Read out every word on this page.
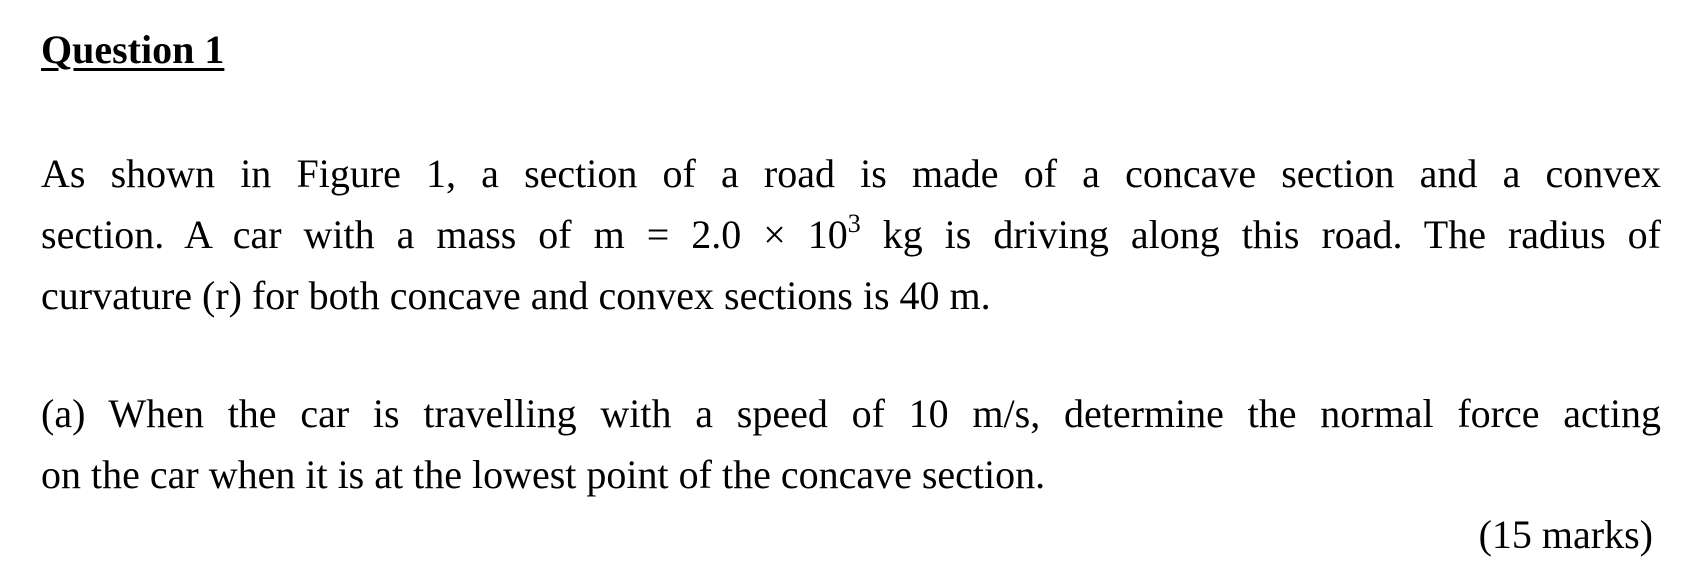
Question 1
As shown in Figure 1, a section of a road is made of a concave section and a convex
section. A car with a mass of $m = 2.0 \times 10^3$ kg is driving along this road. The radius of
curvature (r) for both concave and convex sections is 40 m.
(a) When the car is travelling with a speed of 10 m/s, determine the normal force acting
on the car when it is at the lowest point of the concave section.
(15 marks)
